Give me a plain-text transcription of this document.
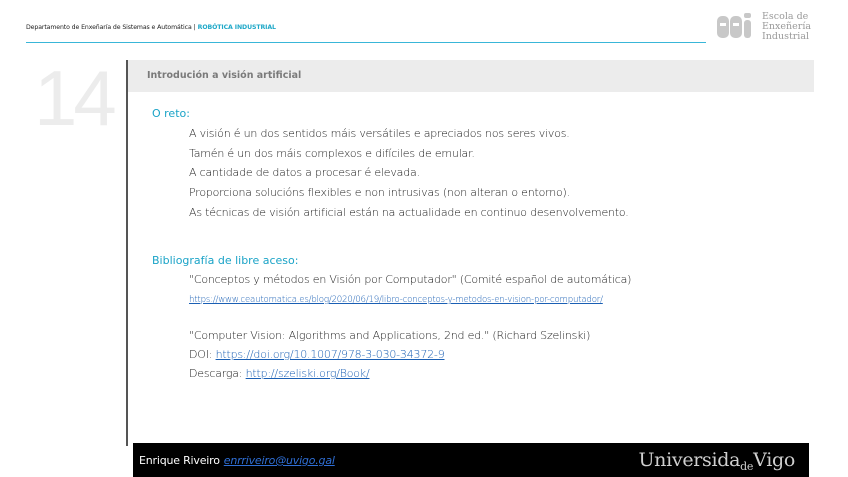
Departamento de Enxeñaría de Sistemas e Automática | ROBÓTICA INDUSTRIAL
Escola de
Enxeñería
Industrial
14	Introdución a visión artificial
O reto:
A visión é un dos sentidos máis versátiles e apreciados nos seres vivos.
Tamén é un dos máis complexos e difíciles de emular.
A cantidade de datos a procesar é elevada.
Proporciona solucións flexibles e non intrusivas (non alteran o entorno).
As técnicas de visión artificial están na actualidade en continuo desenvolvemento.
Bibliografía de libre aceso:
"Conceptos y métodos en Visión por Computador" (Comité español de automática)
https://www.ceautomatica.es/blog/2020/06/19/libro-conceptos-y-metodos-en-vision-por-computador/
"Computer Vision: Algorithms and Applications, 2nd ed." (Richard Szelinski)
DOI: https://doi.org/10.1007/978-3-030-34372-9
Descarga: http://szeliski.org/Book/
Enrique Riveiro enrriveiro@uvigo.gal	Universida$_{de}$Vigo
